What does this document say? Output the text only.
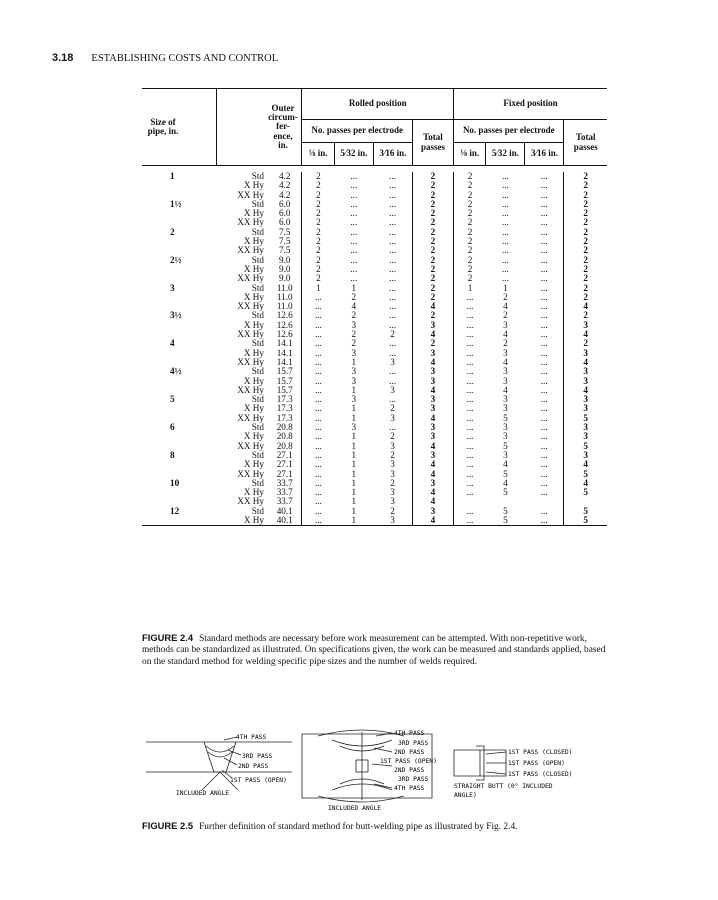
3.18 ESTABLISHING COSTS AND CONTROL
Size of pipe, in.		Outer circum- fer- ence, in.	Rolled position				Fixed position			
			No. passes per electrode			Total passes	No. passes per electrode			Total passes
			⅛ in.	5⁄32 in.	3⁄16 in.		⅛ in.	5⁄32 in.	3⁄16 in.	

1	Std	4.2	2	...	...	2	2	...	...	2
	X Hy	4.2	2	...	...	2	2	...	...	2
	XX Hy	4.2	2	...	...	2	2	...	...	2
1½	Std	6.0	2	...	...	2	2	...	...	2
	X Hy	6.0	2	...	...	2	2	...	...	2
	XX Hy	6.0	2	...	...	2	2	...	...	2
2	Std	7.5	2	...	...	2	2	...	...	2
	X Hy	7.5	2	...	...	2	2	...	...	2
	XX Hy	7.5	2	...	...	2	2	...	...	2
2½	Std	9.0	2	...	...	2	2	...	...	2
	X Hy	9.0	2	...	...	2	2	...	...	2
	XX Hy	9.0	2	...	...	2	2	...	...	2
3	Std	11.0	1	1	...	2	1	1	...	2
	X Hy	11.0	...	2	...	2	...	2	...	2
	XX Hy	11.0	...	4	...	4	...	4	...	4
3½	Std	12.6	...	2	...	2	...	2	...	2
	X Hy	12.6	...	3	...	3	...	3	...	3
	XX Hy	12.6	...	2	2	4	...	4	...	4
4	Std	14.1	...	2	...	2	...	2	...	2
	X Hy	14.1	...	3	...	3	...	3	...	3
	XX Hy	14.1	...	1	3	4	...	4	...	4
4½	Std	15.7	...	3	...	3	...	3	...	3
	X Hy	15.7	...	3	...	3	...	3	...	3
	XX Hy	15.7	...	1	3	4	...	4	...	4
5	Std	17.3	...	3	...	3	...	3	...	3
	X Hy	17.3	...	1	2	3	...	3	...	3
	XX Hy	17.3	...	1	3	4	...	5	...	5
6	Std	20.8	...	3	...	3	...	3	...	3
	X Hy	20.8	...	1	2	3	...	3	...	3
	XX Hy	20.8	...	1	3	4	...	5	...	5
8	Std	27.1	...	1	2	3	...	3	...	3
	X Hy	27.1	...	1	3	4	...	4	...	4
	XX Hy	27.1	...	1	3	4	...	5	...	5
10	Std	33.7	...	1	2	3	...	4	...	4
	X Hy	33.7	...	1	3	4	...	5	...	5
	XX Hy	33.7	...	1	3	4				
12	Std	40.1	...	1	2	3	...	5	...	5
	X Hy	40.1	...	1	3	4	...	5	...	5
FIGURE 2.4 Standard methods are necessary before work measurement can be attempted. With non-repetitive work, methods can be standardized as illustrated. On specifications given, the work can be measured and standards applied, based on the standard method for welding specific pipe sizes and the number of welds required.
4TH PASS
3RD PASS
2ND PASS
1ST PASS (OPEN)
INCLUDED ANGLE
4TH PASS
3RD PASS
2ND PASS
1ST PASS (OPEN)
2ND PASS
3RD PASS
4TH PASS
INCLUDED ANGLE
1ST PASS (CLOSED)
1ST PASS (OPEN)
1ST PASS (CLOSED)
STRAIGHT BUTT (0° INCLUDED
ANGLE)
FIGURE 2.5 Further definition of standard method for butt-welding pipe as illustrated by Fig. 2.4.
